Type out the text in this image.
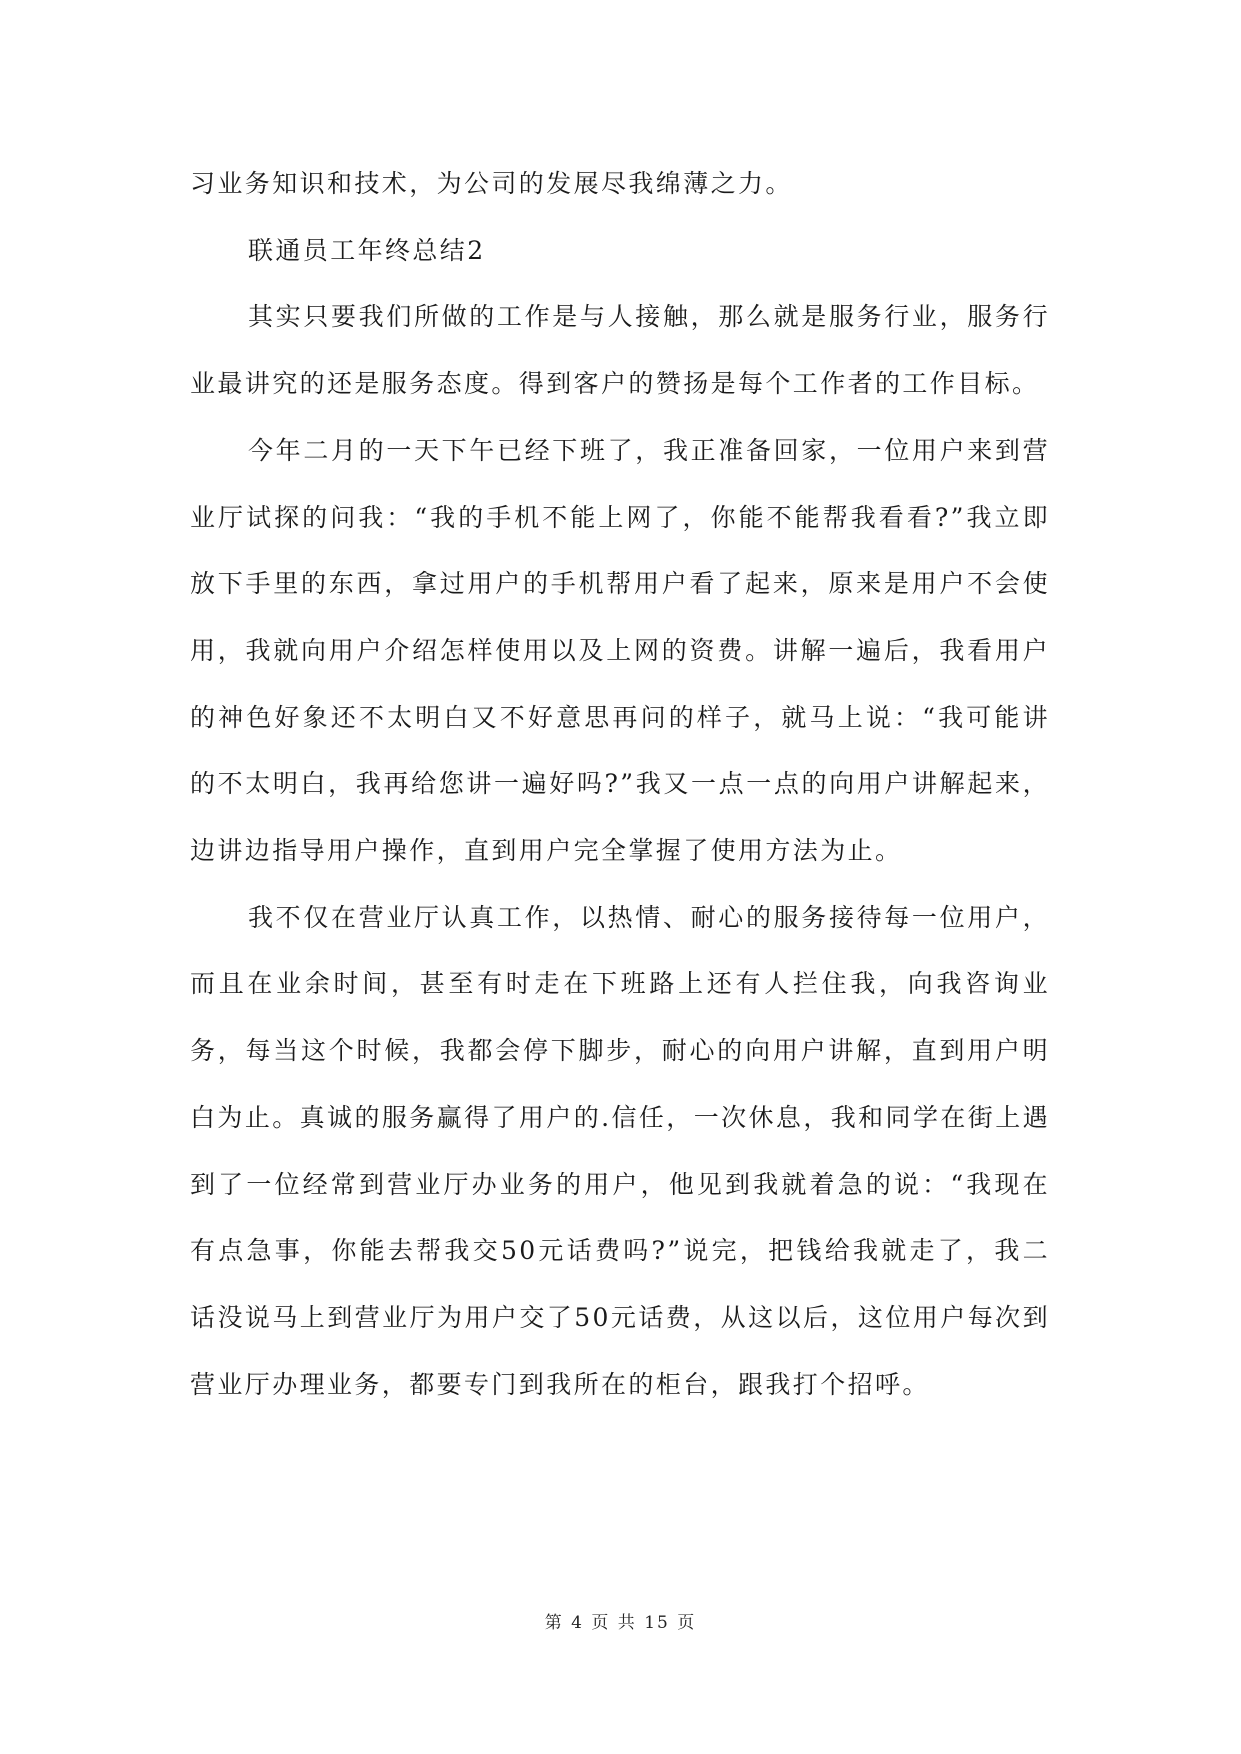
习业务知识和技术，为公司的发展尽我绵薄之力。

联通员工年终总结2

其实只要我们所做的工作是与人接触，那么就是服务行业，服务行业最讲究的还是服务态度。得到客户的赞扬是每个工作者的工作目标。

今年二月的一天下午已经下班了，我正准备回家，一位用户来到营业厅试探的问我：“我的手机不能上网了，你能不能帮我看看?”我立即放下手里的东西，拿过用户的手机帮用户看了起来，原来是用户不会使用，我就向用户介绍怎样使用以及上网的资费。讲解一遍后，我看用户的神色好象还不太明白又不好意思再问的样子，就马上说：“我可能讲的不太明白，我再给您讲一遍好吗?”我又一点一点的向用户讲解起来，边讲边指导用户操作，直到用户完全掌握了使用方法为止。

我不仅在营业厅认真工作，以热情、耐心的服务接待每一位用户，而且在业余时间，甚至有时走在下班路上还有人拦住我，向我咨询业务，每当这个时候，我都会停下脚步，耐心的向用户讲解，直到用户明白为止。真诚的服务赢得了用户的.信任，一次休息，我和同学在街上遇到了一位经常到营业厅办业务的用户，他见到我就着急的说：“我现在有点急事，你能去帮我交50元话费吗?”说完，把钱给我就走了，我二话没说马上到营业厅为用户交了50元话费，从这以后，这位用户每次到营业厅办理业务，都要专门到我所在的柜台，跟我打个招呼。

第 4 页 共 15 页
